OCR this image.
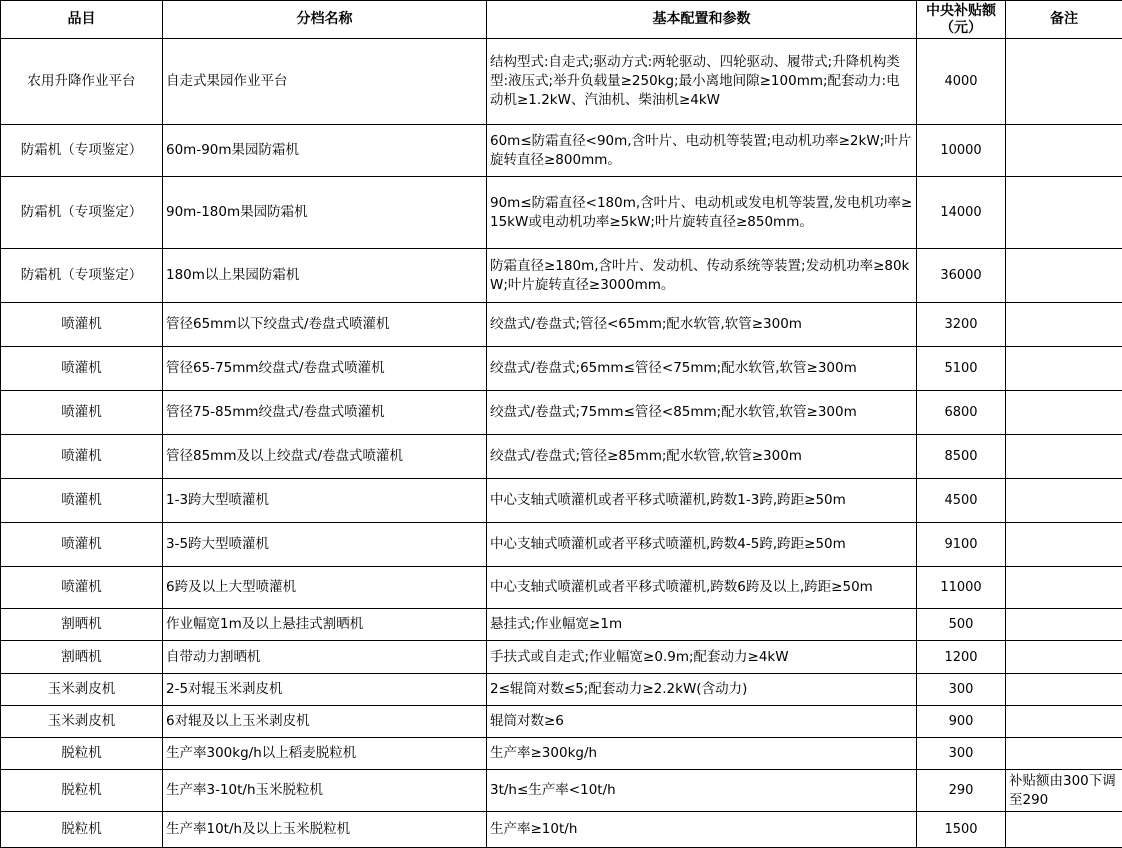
品目	分档名称	基本配置和参数	中央补贴额（元）	备注
农用升降作业平台	自走式果园作业平台	结构型式:自走式;驱动方式:两轮驱动、四轮驱动、履带式;升降机构类型:液压式;举升负载量≥250kg;最小离地间隙≥100mm;配套动力:电动机≥1.2kW、汽油机、柴油机≥4kW	4000	
防霜机（专项鉴定）	60m-90m果园防霜机	60m≤防霜直径<90m,含叶片、电动机等装置;电动机功率≥2kW;叶片旋转直径≥800mm。	10000	
防霜机（专项鉴定）	90m-180m果园防霜机	90m≤防霜直径<180m,含叶片、电动机或发电机等装置,发电机功率≥15kW或电动机功率≥5kW;叶片旋转直径≥850mm。	14000	
防霜机（专项鉴定）	180m以上果园防霜机	防霜直径≥180m,含叶片、发动机、传动系统等装置;发动机功率≥80kW;叶片旋转直径≥3000mm。	36000	
喷灌机	管径65mm以下绞盘式/卷盘式喷灌机	绞盘式/卷盘式;管径<65mm;配水软管,软管≥300m	3200	
喷灌机	管径65-75mm绞盘式/卷盘式喷灌机	绞盘式/卷盘式;65mm≤管径<75mm;配水软管,软管≥300m	5100	
喷灌机	管径75-85mm绞盘式/卷盘式喷灌机	绞盘式/卷盘式;75mm≤管径<85mm;配水软管,软管≥300m	6800	
喷灌机	管径85mm及以上绞盘式/卷盘式喷灌机	绞盘式/卷盘式;管径≥85mm;配水软管,软管≥300m	8500	
喷灌机	1-3跨大型喷灌机	中心支轴式喷灌机或者平移式喷灌机,跨数1-3跨,跨距≥50m	4500	
喷灌机	3-5跨大型喷灌机	中心支轴式喷灌机或者平移式喷灌机,跨数4-5跨,跨距≥50m	9100	
喷灌机	6跨及以上大型喷灌机	中心支轴式喷灌机或者平移式喷灌机,跨数6跨及以上,跨距≥50m	11000	
割晒机	作业幅宽1m及以上悬挂式割晒机	悬挂式;作业幅宽≥1m	500	
割晒机	自带动力割晒机	手扶式或自走式;作业幅宽≥0.9m;配套动力≥4kW	1200	
玉米剥皮机	2-5对辊玉米剥皮机	2≤辊筒对数≤5;配套动力≥2.2kW(含动力)	300	
玉米剥皮机	6对辊及以上玉米剥皮机	辊筒对数≥6	900	
脱粒机	生产率300kg/h以上稻麦脱粒机	生产率≥300kg/h	300	
脱粒机	生产率3-10t/h玉米脱粒机	3t/h≤生产率<10t/h	290	补贴额由300下调至290
脱粒机	生产率10t/h及以上玉米脱粒机	生产率≥10t/h	1500	
